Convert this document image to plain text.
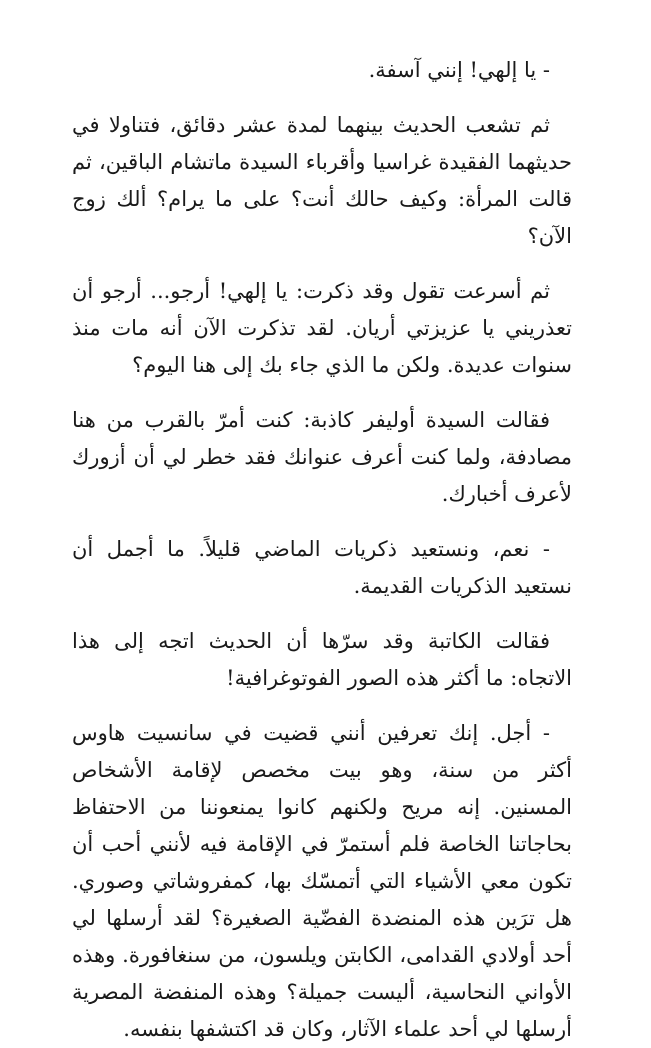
- يا إلهي! إنني آسفة.

ثم تشعب الحديث بينهما لمدة عشر دقائق، فتناولا في حديثهما الفقيدة غراسيا وأقرباء السيدة ماتشام الباقين، ثم قالت المرأة: وكيف حالك أنت؟ على ما يرام؟ ألك زوج الآن؟

ثم أسرعت تقول وقد ذكرت: يا إلهي! أرجو... أرجو أن تعذريني يا عزيزتي أريان. لقد تذكرت الآن أنه مات منذ سنوات عديدة. ولكن ما الذي جاء بك إلى هنا اليوم؟

فقالت السيدة أوليفر كاذبة: كنت أمرّ بالقرب من هنا مصادفة، ولما كنت أعرف عنوانك فقد خطر لي أن أزورك لأعرف أخبارك.

- نعم، ونستعيد ذكريات الماضي قليلاً. ما أجمل أن نستعيد الذكريات القديمة.

فقالت الكاتبة وقد سرّها أن الحديث اتجه إلى هذا الاتجاه: ما أكثر هذه الصور الفوتوغرافية!

- أجل. إنك تعرفين أنني قضيت في سانسيت هاوس أكثر من سنة، وهو بيت مخصص لإقامة الأشخاص المسنين. إنه مريح ولكنهم كانوا يمنعوننا من الاحتفاظ بحاجاتنا الخاصة فلم أستمرّ في الإقامة فيه لأنني أحب أن تكون معي الأشياء التي أتمسّك بها، كمفروشاتي وصوري. هل ترَين هذه المنضدة الفضّية الصغيرة؟ لقد أرسلها لي أحد أولادي القدامى، الكابتن ويلسون، من سنغافورة. وهذه الأواني النحاسية، أليست جميلة؟ وهذه المنفضة المصرية أرسلها لي أحد علماء الآثار، وكان قد اكتشفها بنفسه.
